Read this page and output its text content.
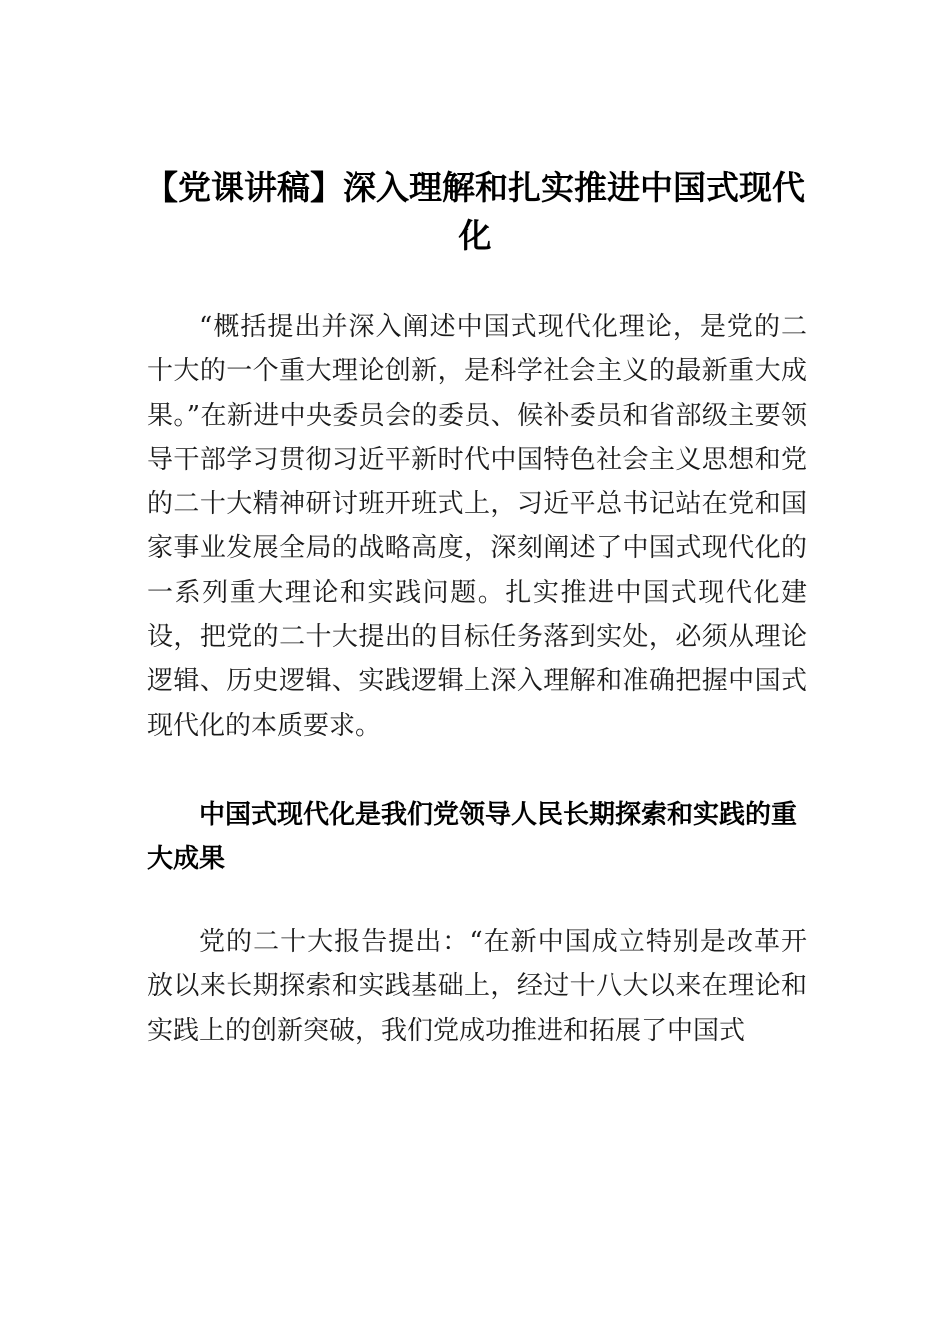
【党课讲稿】深入理解和扎实推进中国式现代化

“概括提出并深入阐述中国式现代化理论，是党的二十大的一个重大理论创新，是科学社会主义的最新重大成果。”在新进中央委员会的委员、候补委员和省部级主要领导干部学习贯彻习近平新时代中国特色社会主义思想和党的二十大精神研讨班开班式上，习近平总书记站在党和国家事业发展全局的战略高度，深刻阐述了中国式现代化的一系列重大理论和实践问题。扎实推进中国式现代化建设，把党的二十大提出的目标任务落到实处，必须从理论逻辑、历史逻辑、实践逻辑上深入理解和准确把握中国式现代化的本质要求。

中国式现代化是我们党领导人民长期探索和实践的重大成果

党的二十大报告提出：“在新中国成立特别是改革开放以来长期探索和实践基础上，经过十八大以来在理论和实践上的创新突破，我们党成功推进和拓展了中国式
